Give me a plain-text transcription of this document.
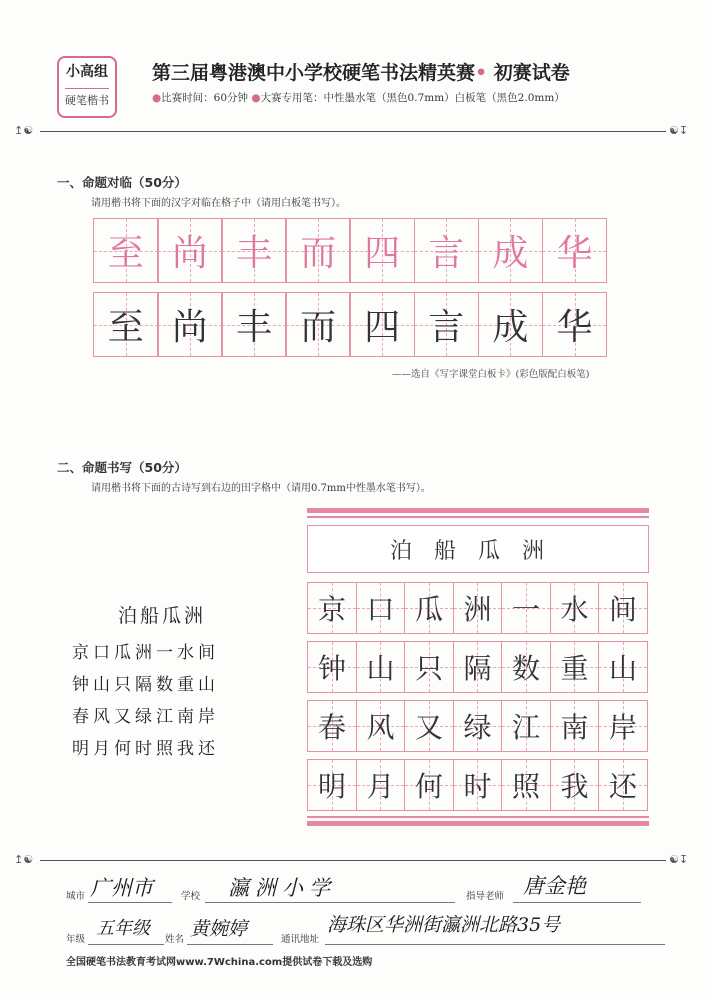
小高组
硬笔楷书
第三届粤港澳中小学校硬笔书法精英赛• 初赛试卷
●比赛时间：60分钟 ●大赛专用笔：中性墨水笔（黑色0.7mm）白板笔（黑色2.0mm）
↥☯	☯↧
一、命题对临（50分）
请用楷书将下面的汉字对临在格子中（请用白板笔书写）。
至 尚 丰 而 四 言 成 华
至 尚 丰 而 四 言 成 华
——选自《写字课堂白板卡》(彩色版配白板笔)
二、命题书写（50分）
请用楷书将下面的古诗写到右边的田字格中（请用0.7mm中性墨水笔书写）。
泊船瓜洲
京口瓜洲一水间
钟山只隔数重山
春风又绿江南岸
明月何时照我还
泊船瓜洲
京 口 瓜 洲 一 水 间
钟 山 只 隔 数 重 山
春 风 又 绿 江 南 岸
明 月 何 时 照 我 还
↥☯	☯↧
城市 广州市	学校 瀛洲小学	指导老师 唐金艳
年级
五年级
姓名 黄婉婷	通讯地址
海珠区华洲街瀛洲北路35号
全国硬笔书法教育考试网www.7Wchina.com提供试卷下载及选购
